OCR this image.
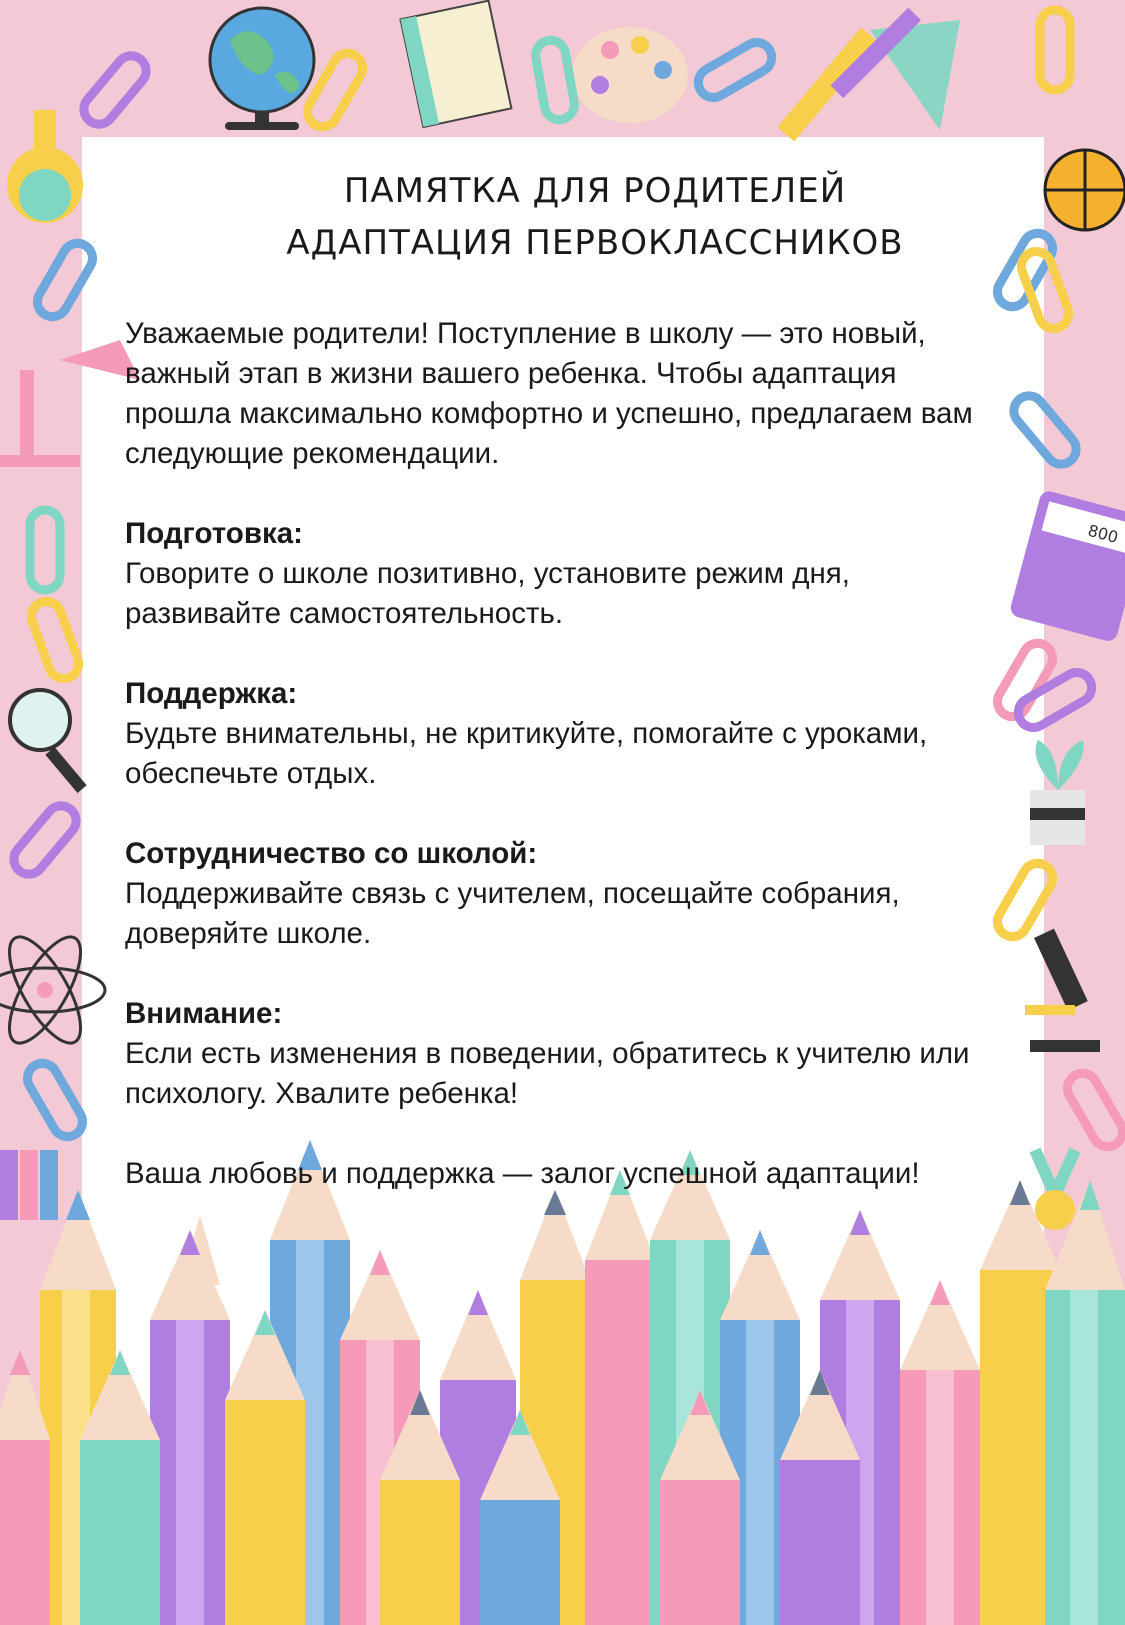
800
ПАМЯТКА ДЛЯ РОДИТЕЛЕЙ
АДАПТАЦИЯ ПЕРВОКЛАССНИКОВ

Уважаемые родители! Поступление в школу — это новый, важный этап в жизни вашего ребенка. Чтобы адаптация прошла максимально комфортно и успешно, предлагаем вам следующие рекомендации.

Подготовка:

Говорите о школе позитивно, установите режим дня, развивайте самостоятельность.

Поддержка:

Будьте внимательны, не критикуйте, помогайте с уроками, обеспечьте отдых.

Сотрудничество со школой:

Поддерживайте связь с учителем, посещайте собрания, доверяйте школе.

Внимание:

Если есть изменения в поведении, обратитесь к учителю или психологу. Хвалите ребенка!

Ваша любовь и поддержка — залог успешной адаптации!
